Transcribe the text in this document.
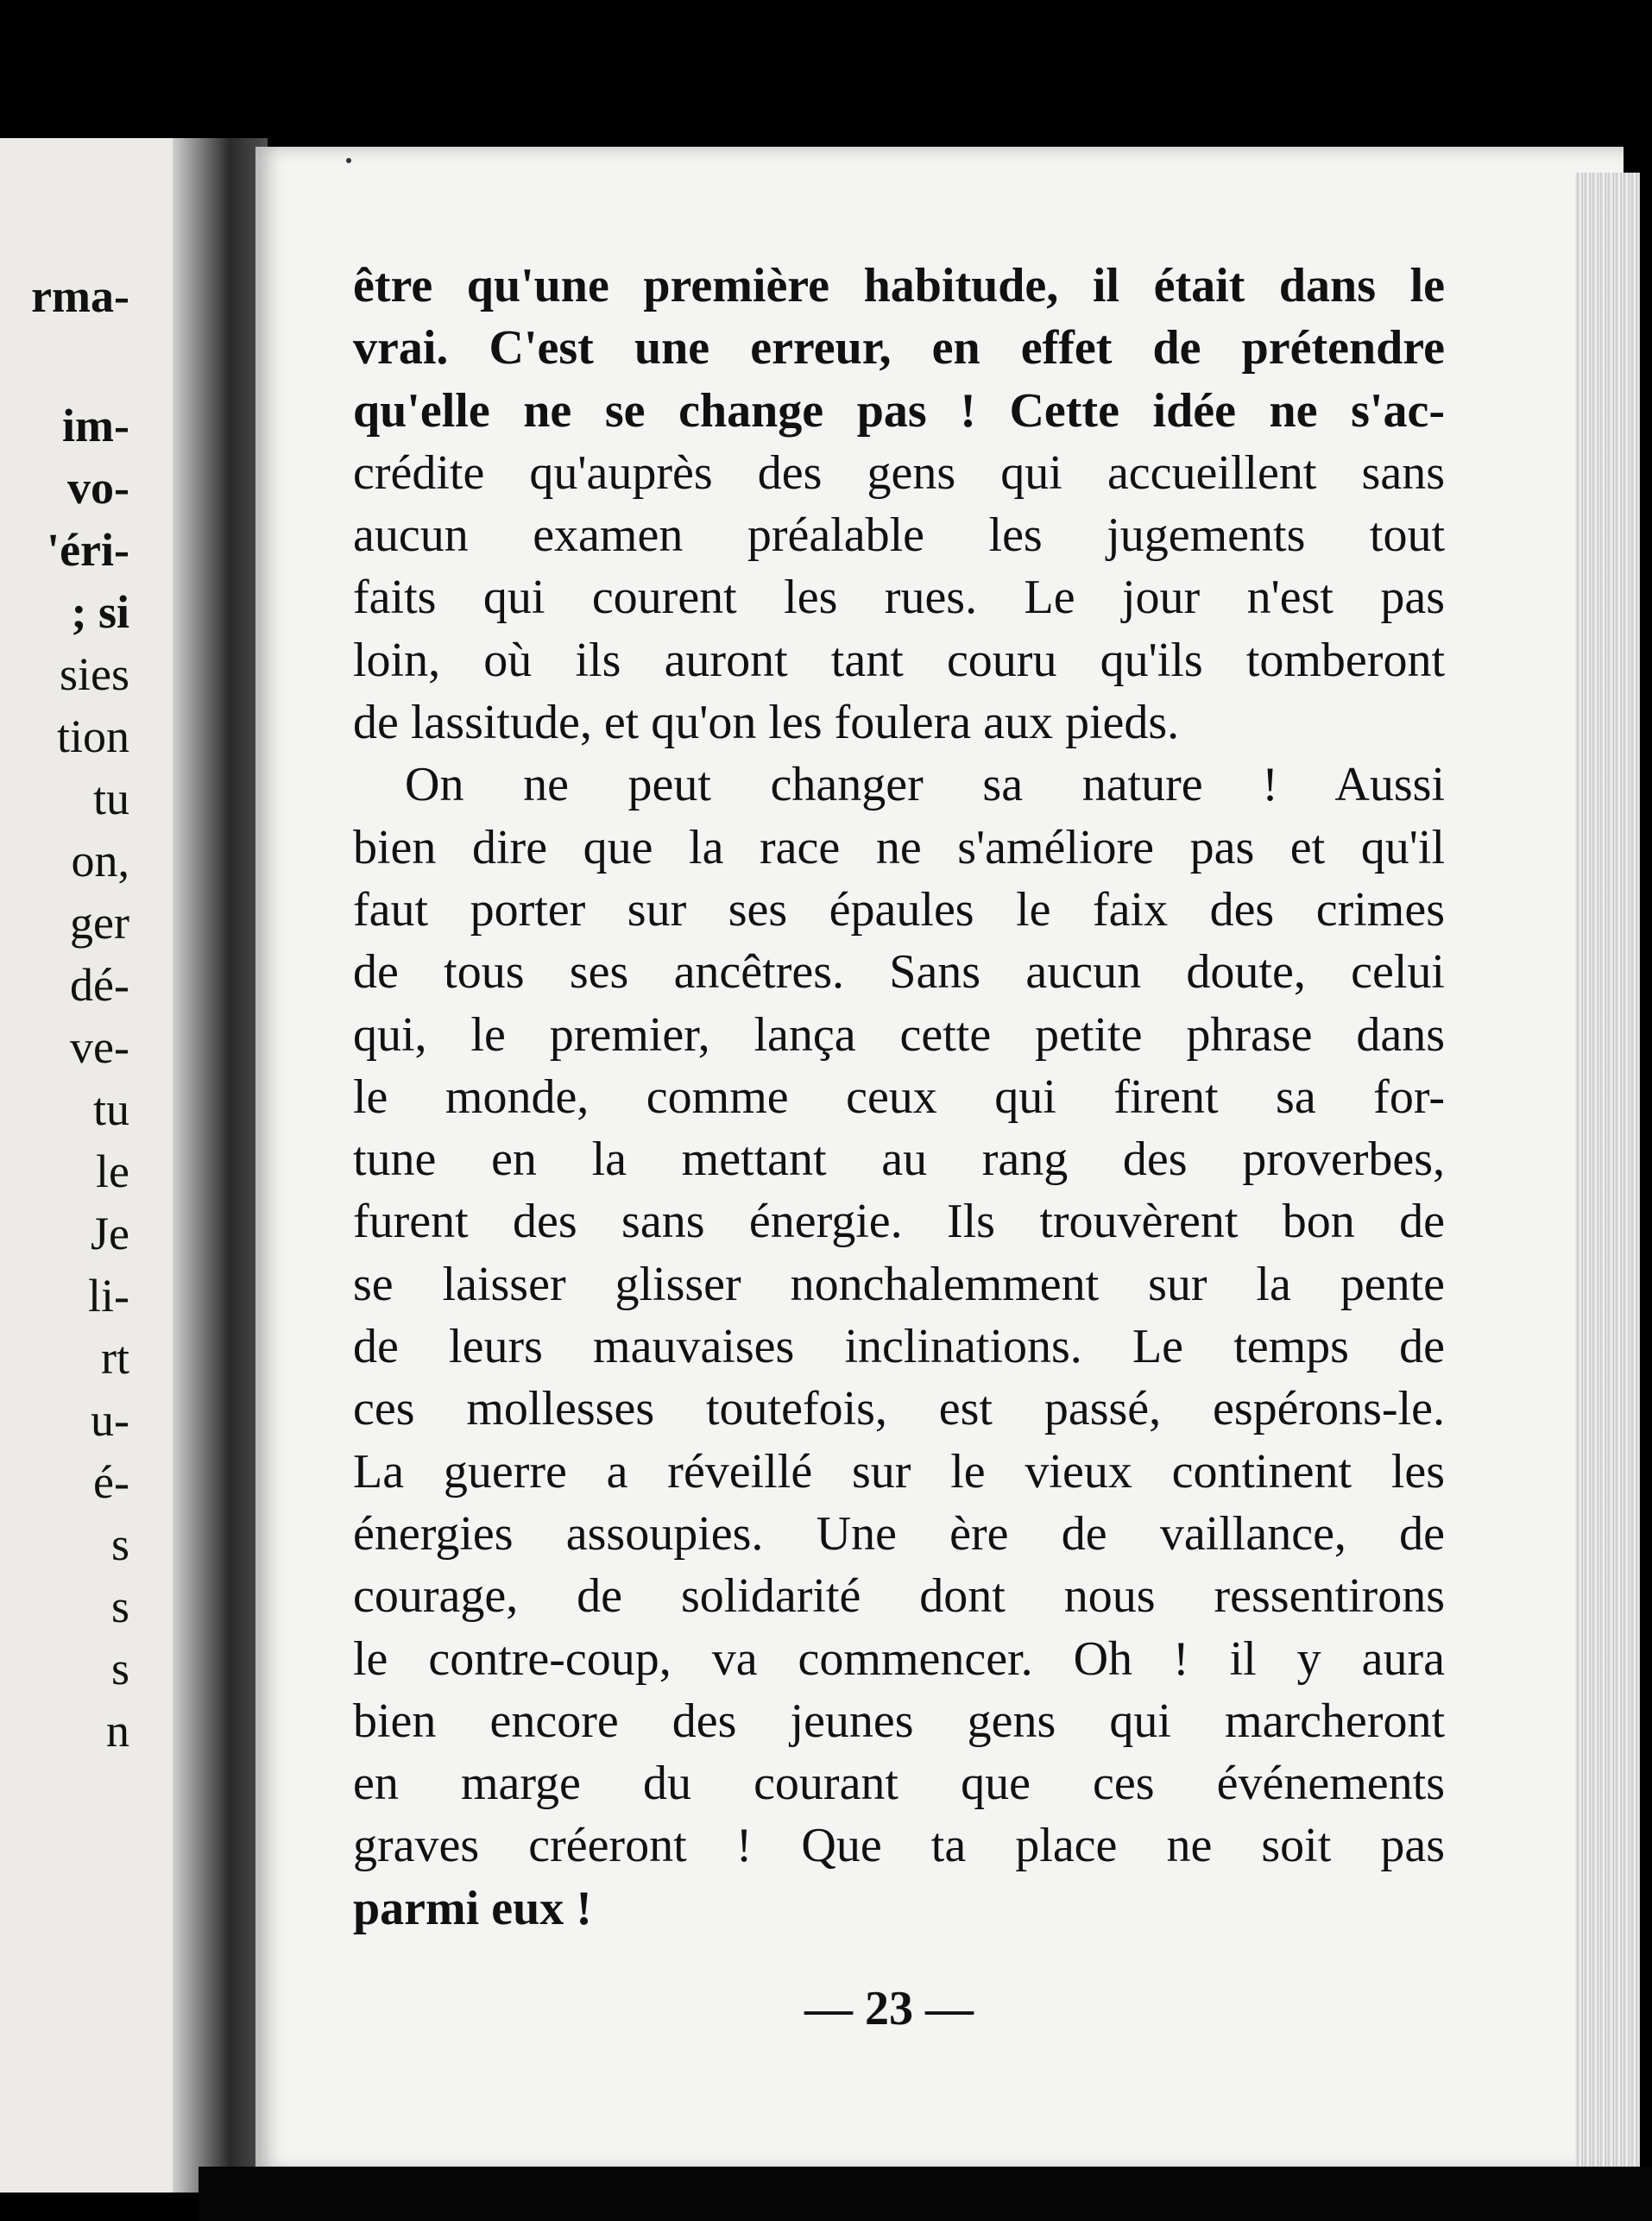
rma-
im-
vo-
'éri-
; si
sies
tion
tu
on,
ger
dé-
ve-
tu
le
Je
li-
rt
u-
é-
s
s
s
n
être qu'une première habitude, il était dans le
vrai. C'est une erreur, en effet de prétendre
qu'elle ne se change pas ! Cette idée ne s'ac-
crédite qu'auprès des gens qui accueillent sans
aucun examen préalable les jugements tout
faits qui courent les rues. Le jour n'est pas
loin, où ils auront tant couru qu'ils tomberont
de lassitude, et qu'on les foulera aux pieds.
On ne peut changer sa nature ! Aussi
bien dire que la race ne s'améliore pas et qu'il
faut porter sur ses épaules le faix des crimes
de tous ses ancêtres. Sans aucun doute, celui
qui, le premier, lança cette petite phrase dans
le monde, comme ceux qui firent sa for-
tune en la mettant au rang des proverbes,
furent des sans énergie. Ils trouvèrent bon de
se laisser glisser nonchalemment sur la pente
de leurs mauvaises inclinations. Le temps de
ces mollesses toutefois, est passé, espérons-le.
La guerre a réveillé sur le vieux continent les
énergies assoupies. Une ère de vaillance, de
courage, de solidarité dont nous ressentirons
le contre-coup, va commencer. Oh ! il y aura
bien encore des jeunes gens qui marcheront
en marge du courant que ces événements
graves créeront ! Que ta place ne soit pas
parmi eux !
— 23 —
